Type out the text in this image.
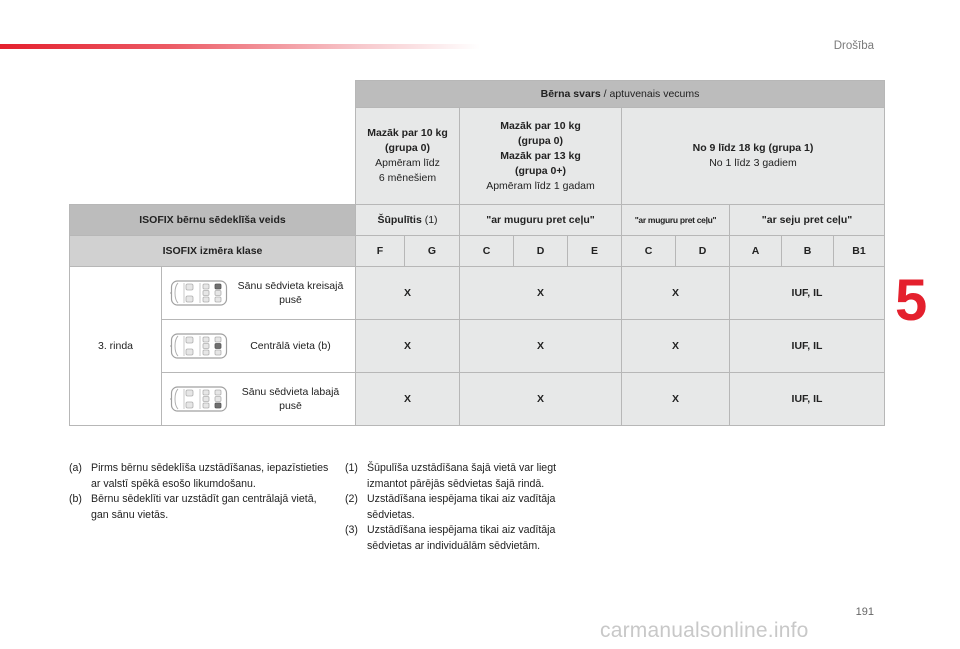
Drošība
5
		Bērna svars / aptuvenais vecums									
		Mazāk par 10 kg
(grupa 0)
Apmēram līdz
6 mēnešiem		Mazāk par 10 kg
(grupa 0)
Mazāk par 13 kg
(grupa 0+)
Apmēram līdz 1 gadam			No 9 līdz 18 kg (grupa 1)
No 1 līdz 3 gadiem				
ISOFIX bērnu sēdeklīša veids		Šūpulītis (1)		"ar muguru pret ceļu"			"ar muguru pret ceļu"		"ar seju pret ceļu"		
ISOFIX izmēra klase		F	G	C	D	E	C	D	A	B	B1
3. rinda	Sānu sēdvieta kreisajā pusē	X		X			X		IUF, IL		

	Centrālā vieta (b)	X		X			X		IUF, IL		

	Sānu sēdvieta labajā pusē	X		X			X		IUF, IL		
(a) Pirms bērnu sēdeklīša uzstādīšanas, iepazīstieties ar valstī spēkā esošo likumdošanu.
(b) Bērnu sēdeklīti var uzstādīt gan centrālajā vietā, gan sānu vietās.
(1) Šūpulīša uzstādīšana šajā vietā var liegt izmantot pārējās sēdvietas šajā rindā.
(2) Uzstādīšana iespējama tikai aiz vadītāja sēdvietas.
(3) Uzstādīšana iespējama tikai aiz vadītāja sēdvietas ar individuālām sēdvietām.
191
carmanualsonline.info
